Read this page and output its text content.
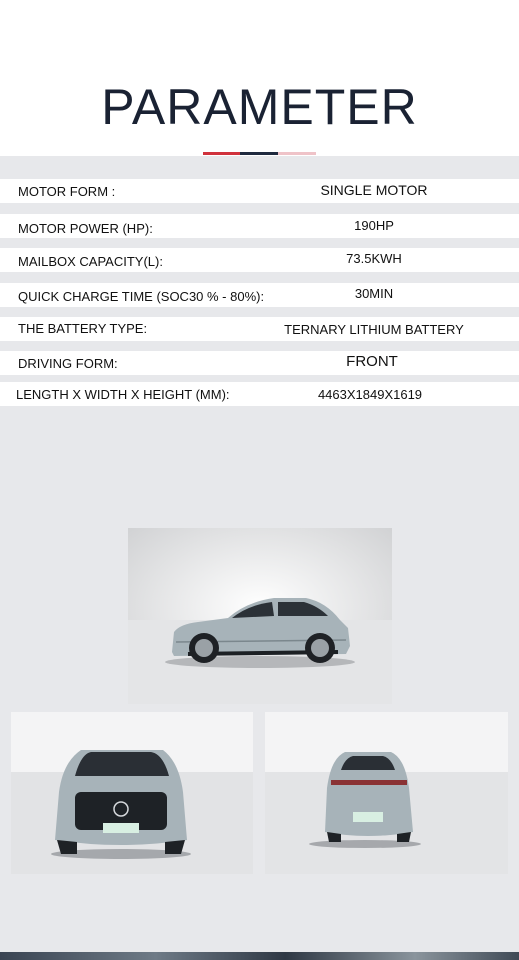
PARAMETER
MOTOR FORM :	SINGLE MOTOR
MOTOR POWER (HP):	190HP
MAILBOX CAPACITY(L):	73.5KWH
QUICK CHARGE TIME (SOC30 % - 80%):	30MIN
THE BATTERY TYPE:	TERNARY LITHIUM BATTERY
DRIVING FORM:	FRONT
LENGTH X WIDTH X HEIGHT (MM):	4463X1849X1619
